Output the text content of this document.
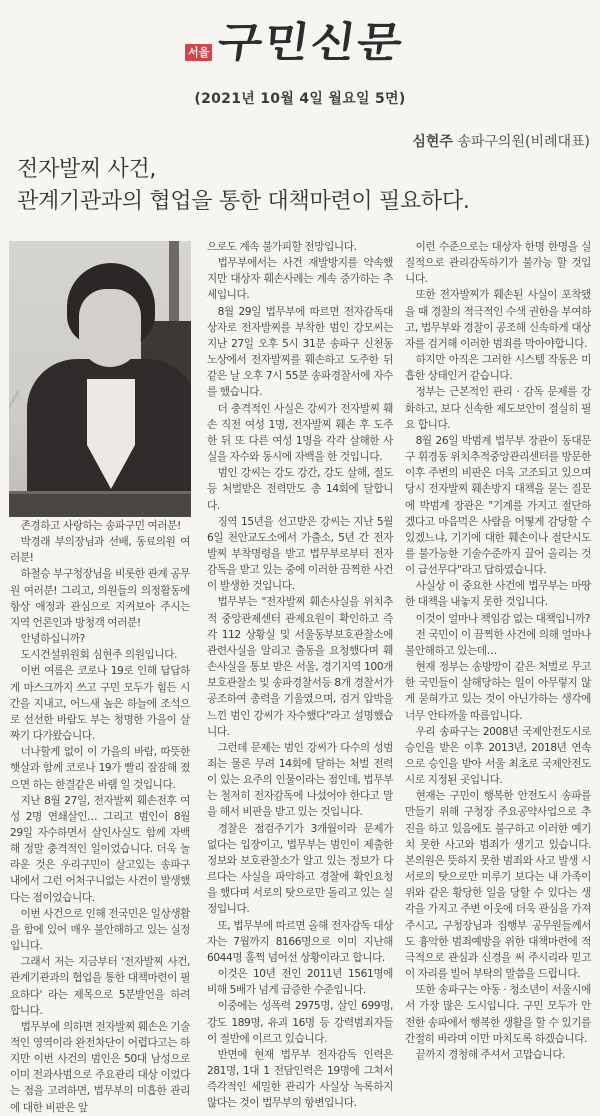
서울 구민신문
(2021년 10월 4일 월요일 5면)
심현주 송파구의원(비례대표)
전자발찌 사건,
관계기관과의 협업을 통한 대책마련이 필요하다.

존경하고 사랑하는 송파구민 여러분!

박경래 부의장님과 선배, 동료의원 여러분!

하철승 부구청장님을 비롯한 관계 공무원 여러분! 그리고, 의원들의 의정활동에 항상 애정과 관심으로 지켜보아 주시는 지역 언론인과 방청객 여러분!

안녕하십니까?

도시건설위원회 심현주 의원입니다.

이번 여름은 코로나 19로 인해 답답하게 마스크까지 쓰고 구민 모두가 힘든 시간을 지내고, 어느새 높은 하늘에 조석으로 선선한 바람도 부는 청명한 가을이 살짜기 다가왔습니다.

너나할게 없이 이 가을의 바람, 따뜻한 햇살과 함께 코로나 19가 빨리 잠잠해 졌으면 하는 한결같은 바램 일 것입니다.

지난 8월 27일, 전자발찌 훼손전후 여성 2명 연쇄살인… 그리고 범인이 8월 29일 자수하면서 살인사실도 함께 자백해 정말 충격적인 일이었습니다. 더욱 놀라운 것은 우리구민이 살고있는 송파구 내에서 그런 어처구니없는 사건이 발생했다는 점이었습니다.

이번 사건으로 인해 전국민은 일상생활을 함에 있어 매우 불안해하고 있는 실정입니다.

그래서 저는 지금부터 '전자발찌 사건, 관계기관과의 협업을 통한 대책마련이 필요하다' 라는 제목으로 5분발언을 하려 합니다.

법무부에 의하면 전자발찌 훼손은 기술적인 영역이라 완전차단이 어렵다고는 하지만 이번 사건의 범인은 50대 남성으로 이미 전과사범으로 주요관리 대상 이었다는 점을 고려하면, 법무부의 미흡한 관리에 대한 비판은 앞

으로도 계속 불가피할 전망입니다.

법무부에서는 사건 재발방지를 약속했지만 대상자 훼손사례는 계속 증가하는 추세입니다.

8월 29일 법무부에 따르면 전자감독대상자로 전자발찌를 부착한 범인 강모씨는 지난 27일 오후 5시 31분 송파구 신천동 노상에서 전자발찌를 훼손하고 도주한 뒤 같은 날 오후 7시 55분 송파경찰서에 자수를 했습니다.

더 충격적인 사실은 강씨가 전자발찌 훼손 직전 여성 1명, 전자발찌 훼손 후 도주한 뒤 또 다른 여성 1명을 각각 살해한 사실을 자수와 동시에 자백을 한 것입니다.

범인 강씨는 강도 강간, 강도 살해, 절도 등 처벌받은 전력만도 총 14회에 달합니다.

징역 15년을 선고받은 강씨는 지난 5월 6일 천안교도소에서 가출소, 5년 간 전자발찌 부착명령을 받고 법무부로부터 전자감독을 받고 있는 중에 이러한 끔찍한 사건이 발생한 것입니다.

법무부는 "전자발찌 훼손사실을 위치추적 중앙관제센터 관제요원이 확인하고 즉각 112 상황실 및 서울동부보호관찰소에 관련사실을 알리고 출동을 요청했다며 훼손사실을 통보 받은 서울, 경기지역 100개 보호관찰소 및 송파경찰서등 8개 경찰서가 공조하여 총력을 기울였으며, 검거 압박을 느낀 범인 강씨가 자수했다"라고 설명했습니다.

그런데 문제는 범인 강씨가 다수의 성범죄는 물론 무려 14회에 달하는 처벌 전력이 있는 요주의 인물이라는 점인데, 법무부는 철저히 전자감독에 나섰어야 한다고 말을 해서 비판을 받고 있는 것입니다.

경찰은 점검주기가 3개월이라 문제가 없다는 입장이고, 법무부는 범인이 제출한 정보와 보호관찰소가 알고 있는 정보가 다르다는 사실을 파악하고 경찰에 확인요청을 했다며 서로의 탓으로만 돌리고 있는 실정입니다.

또, 법무부에 따르면 올해 전자감독 대상자는 7월까지 8166명으로 이미 지난해 6044명 훌쩍 넘어선 상황이라고 합니다.

이것은 10년 전인 2011년 1561명에 비해 5배가 넘게 급증한 수준입니다.

이중에는 성폭력 2975명, 살인 699명, 강도 189명, 유괴 16명 등 강력범죄자들이 절반에 이르고 있습니다.

반면에 현재 법무부 전자감독 인력은 281명, 1대 1 전담인력은 19명에 그쳐서 즉각적인 세밀한 관리가 사실상 녹록하지 않다는 것이 법무부의 항변입니다.

이런 수준으로는 대상자 한명 한명을 실질적으로 관리감독하기가 불가능 할 것입니다.

또한 전자발찌가 훼손된 사실이 포착됐을 때 경찰의 적극적인 수색 권한을 부여하고, 법무부와 경찰이 공조해 신속하게 대상자를 검거해 이러한 범죄를 막아야합니다.

하지만 아직은 그러한 시스템 작동은 미흡한 상태인거 같습니다.

정부는 근본적인 관리 · 감독 문제를 강화하고, 보다 신속한 제도보안이 절실히 필요 합니다.

8월 26일 박범계 법무부 장관이 동대문구 휘경동 위치추적중앙관리센터를 방문한 이후 주변의 비판은 더욱 고조되고 있으며 당시 전자발찌 훼손방지 대책을 묻는 질문에 박범계 장관은 "기계를 가지고 절단하겠다고 마음먹은 사람을 어떻게 감당할 수 있겠느냐, 기기에 대한 훼손이나 절단시도를 불가능한 기술수준까지 끌어 올리는 것이 급선무다"라고 답하였습니다.

사실상 이 중요한 사건에 법무부는 마땅한 대책을 내놓지 못한 것입니다.

이것이 얼마나 책임감 없는 대책입니까?

전 국민이 이 끔찍한 사건에 의해 얼마나 불안해하고 있는데…

현재 정부는 송방망이 같은 처벌로 무고한 국민들이 살해당하는 일이 아무렇지 않게 묻혀가고 있는 것이 아닌가하는 생각에 너무 안타까울 따름입니다.

우리 송파구는 2008년 국제안전도시로 승인을 받은 이후 2013년, 2018년 연속으로 승인을 받아 서울 최초로 국제안전도시로 지정된 곳입니다.

현재는 구민이 행복한 안전도시 송파를 만들기 위해 구청장 주요공약사업으로 추진을 하고 있음에도 불구하고 이러한 예기치 못한 사고와 범죄가 생기고 있습니다. 본의원은 뜻하지 못한 범죄와 사고 발생 시 서로의 탓으로만 미루기 보다는 내 가족이 위와 같은 황당한 일을 당할 수 있다는 생각을 가지고 주변 이웃에 더욱 관심을 가져 주시고, 구청장님과 집행부 공무원들께서도 흉악한 범죄예방을 위한 대책마련에 적극적으로 관심과 신경을 써 주시리라 믿고 이 자리를 빌어 부탁의 말씀을 드립니다.

또한 송파구는 아동 · 청소년이 서울시에서 가장 많은 도시입니다. 구민 모두가 안전한 송파에서 행복한 생활을 할 수 있기를 간절히 바라며 이만 마치도록 하겠습니다.

끝까지 경청해 주셔서 고맙습니다.
